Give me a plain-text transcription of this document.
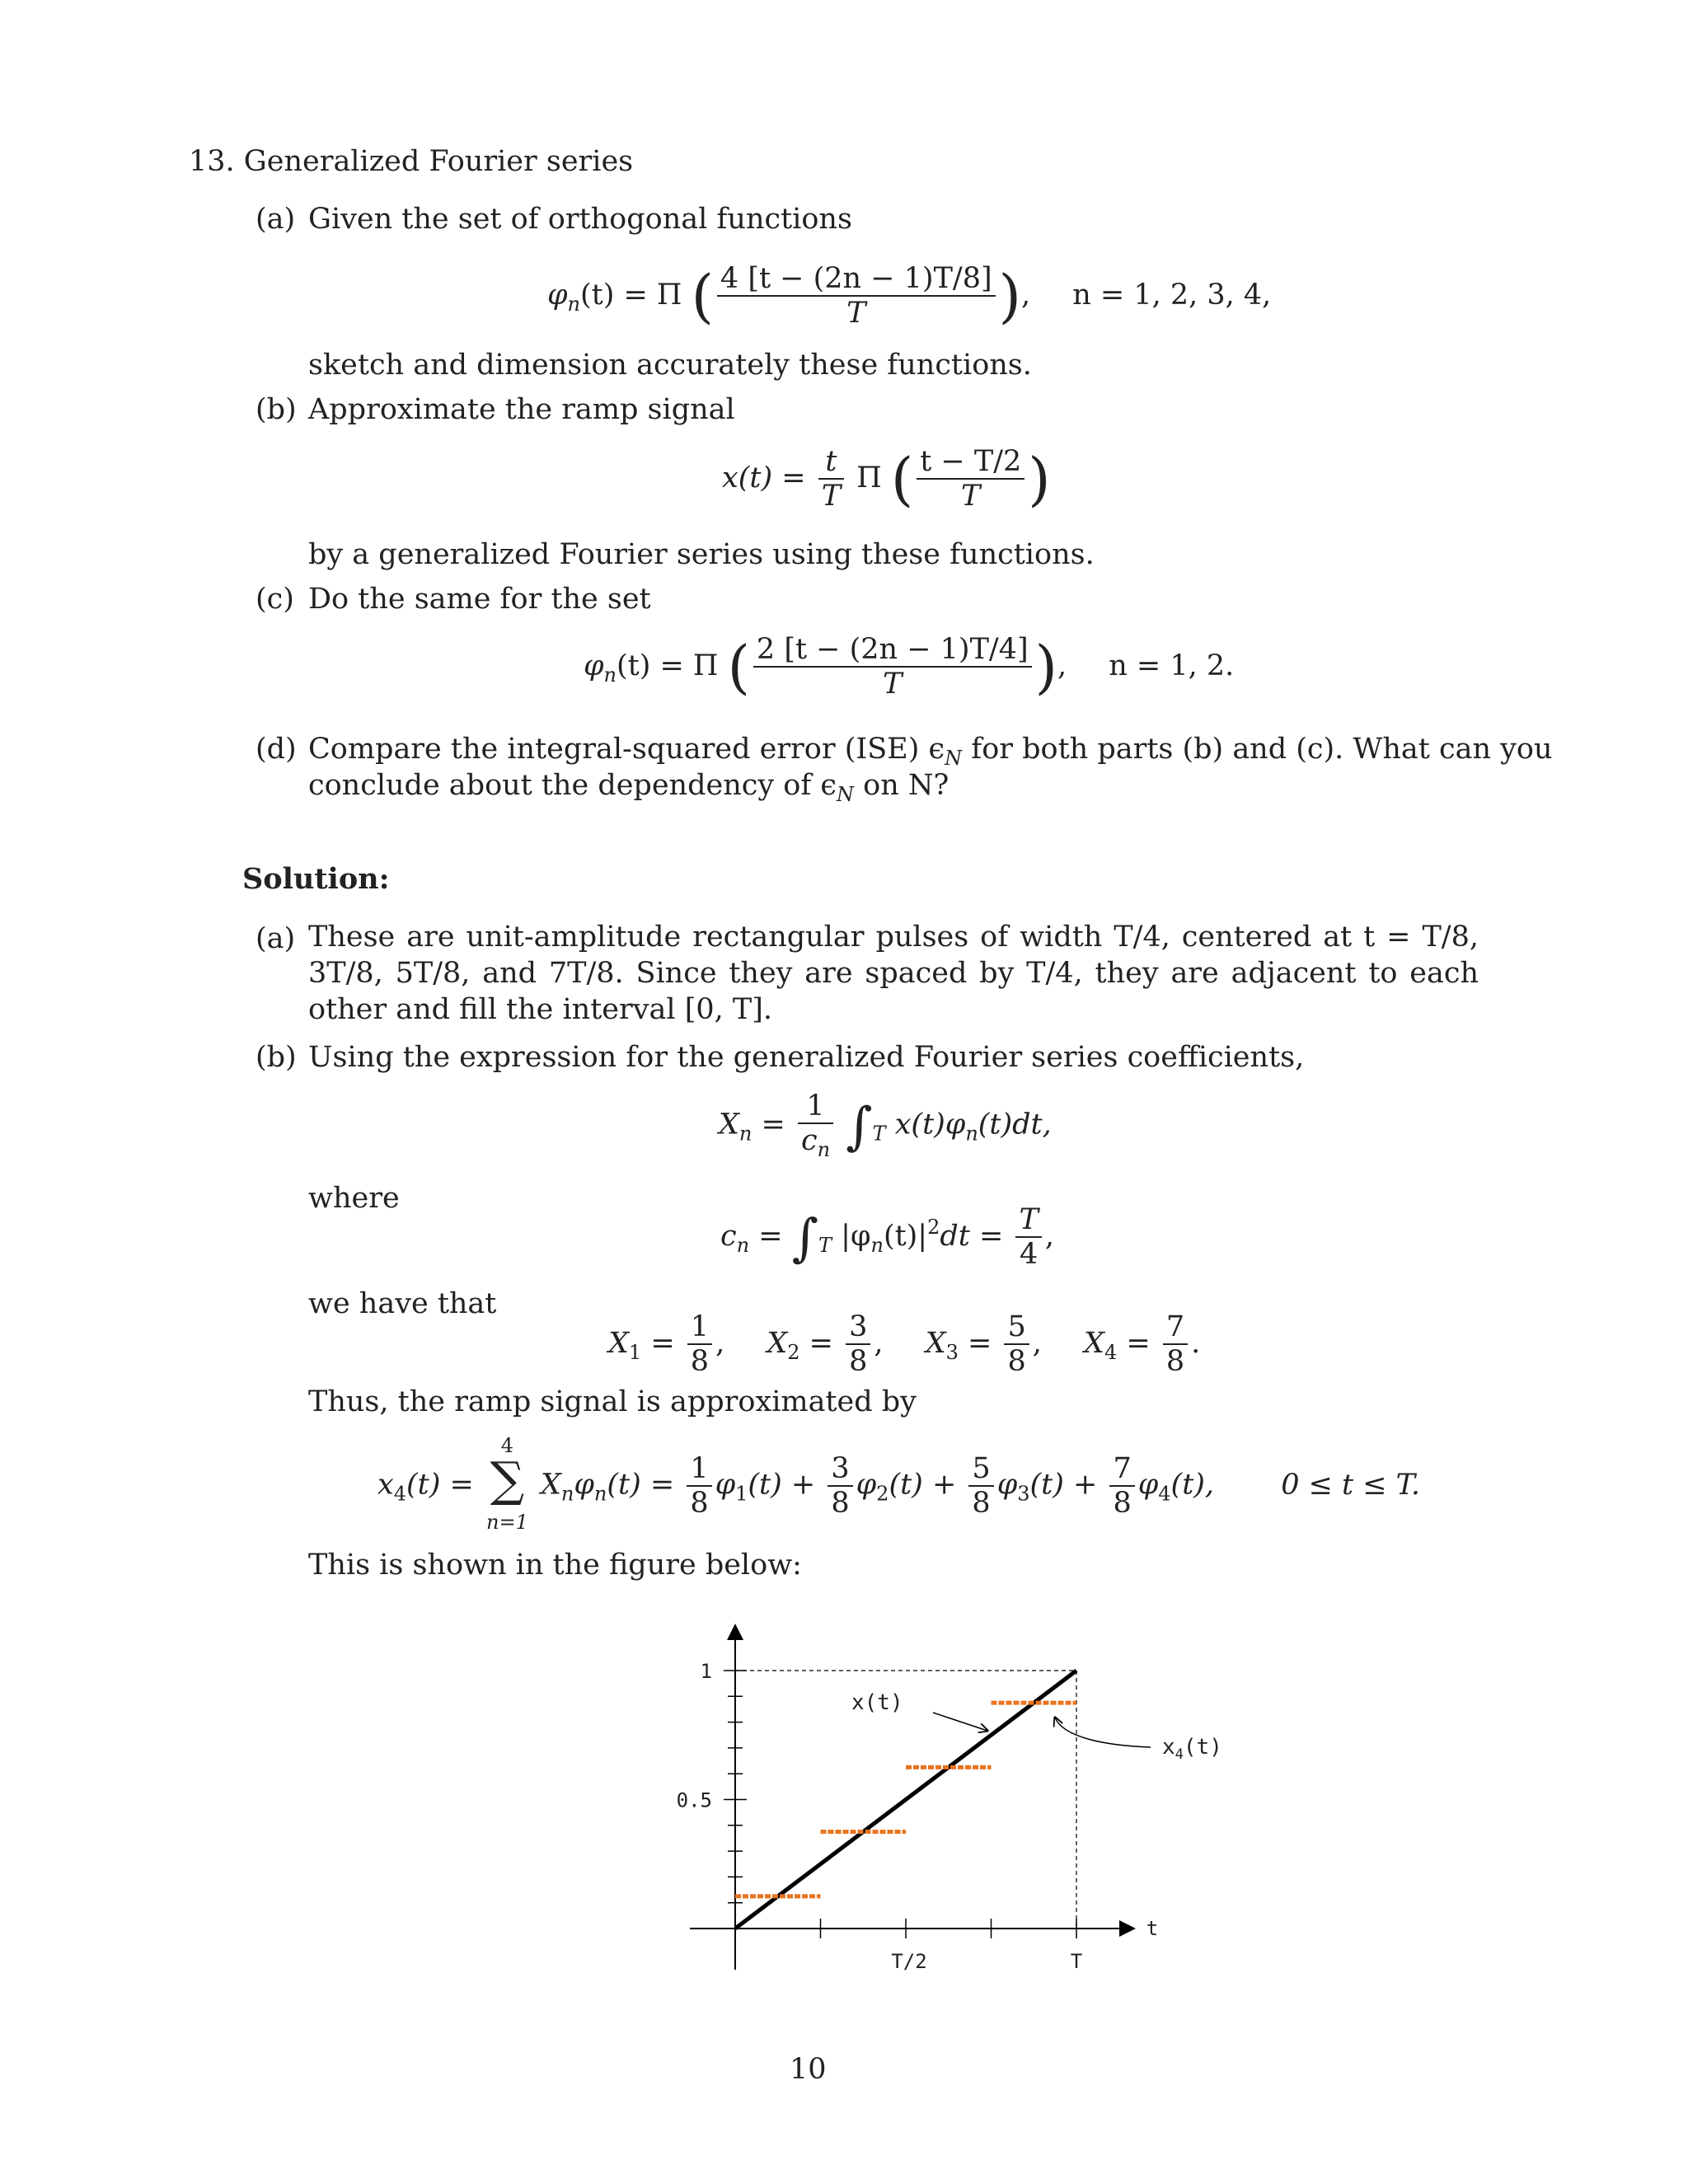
13. Generalized Fourier series
(a) Given the set of orthogonal functions
$\varphi_n(t) = \Pi$ ( $\frac{4 [t - (2n - 1)T/8]}{T}$ ), n = 1, 2, 3, 4,
sketch and dimension accurately these functions.
(b) Approximate the ramp signal
$x(t) = \frac{t}{T}$ Π ( $\frac{t - T/2}{T}$ )
by a generalized Fourier series using these functions.
(c) Do the same for the set
$\varphi_n(t) = \Pi$ ( $\frac{2 [t - (2n - 1)T/4]}{T}$ ), n = 1, 2.
(d) Compare the integral-squared error (ISE) $\epsilon_N$ for both parts (b) and (c). What can you
conclude about the dependency of $\epsilon_N$ on N?
Solution:
(a) These are unit-amplitude rectangular pulses of width T/4, centered at t = T/8, 3T/8, 5T/8, and 7T/8. Since they are spaced by T/4, they are adjacent to each other and fill the interval [0, T].
(b) Using the expression for the generalized Fourier series coefficients,
$X_n = \frac{1}{c_n} \int_T$ $x(t)\varphi_n(t)dt$,
where
$c_n = \int_T$ $|\varphi_n(t)|^2dt = \frac{T}{4}$ ,
we have that
$X_1 = \frac{1}{8}$ , $X_2 = \frac{3}{8}$ , $X_3 = \frac{5}{8}$ , $X_4 = \frac{7}{8}$ .
Thus, the ramp signal is approximated by
$x_4(t)$ =
4
∑
n=1 $X_n\varphi_n(t) = \frac{1}{8} \varphi_1(t) + \frac{3}{8} \varphi_2(t) + \frac{5}{8} \varphi_3(t) + \frac{7}{8} \varphi_4(t)$, 0 ≤ t ≤ T.
This is shown in the figure below:
1
0.5
T/2	T
t
x(t)
$x_4(t)$
10
